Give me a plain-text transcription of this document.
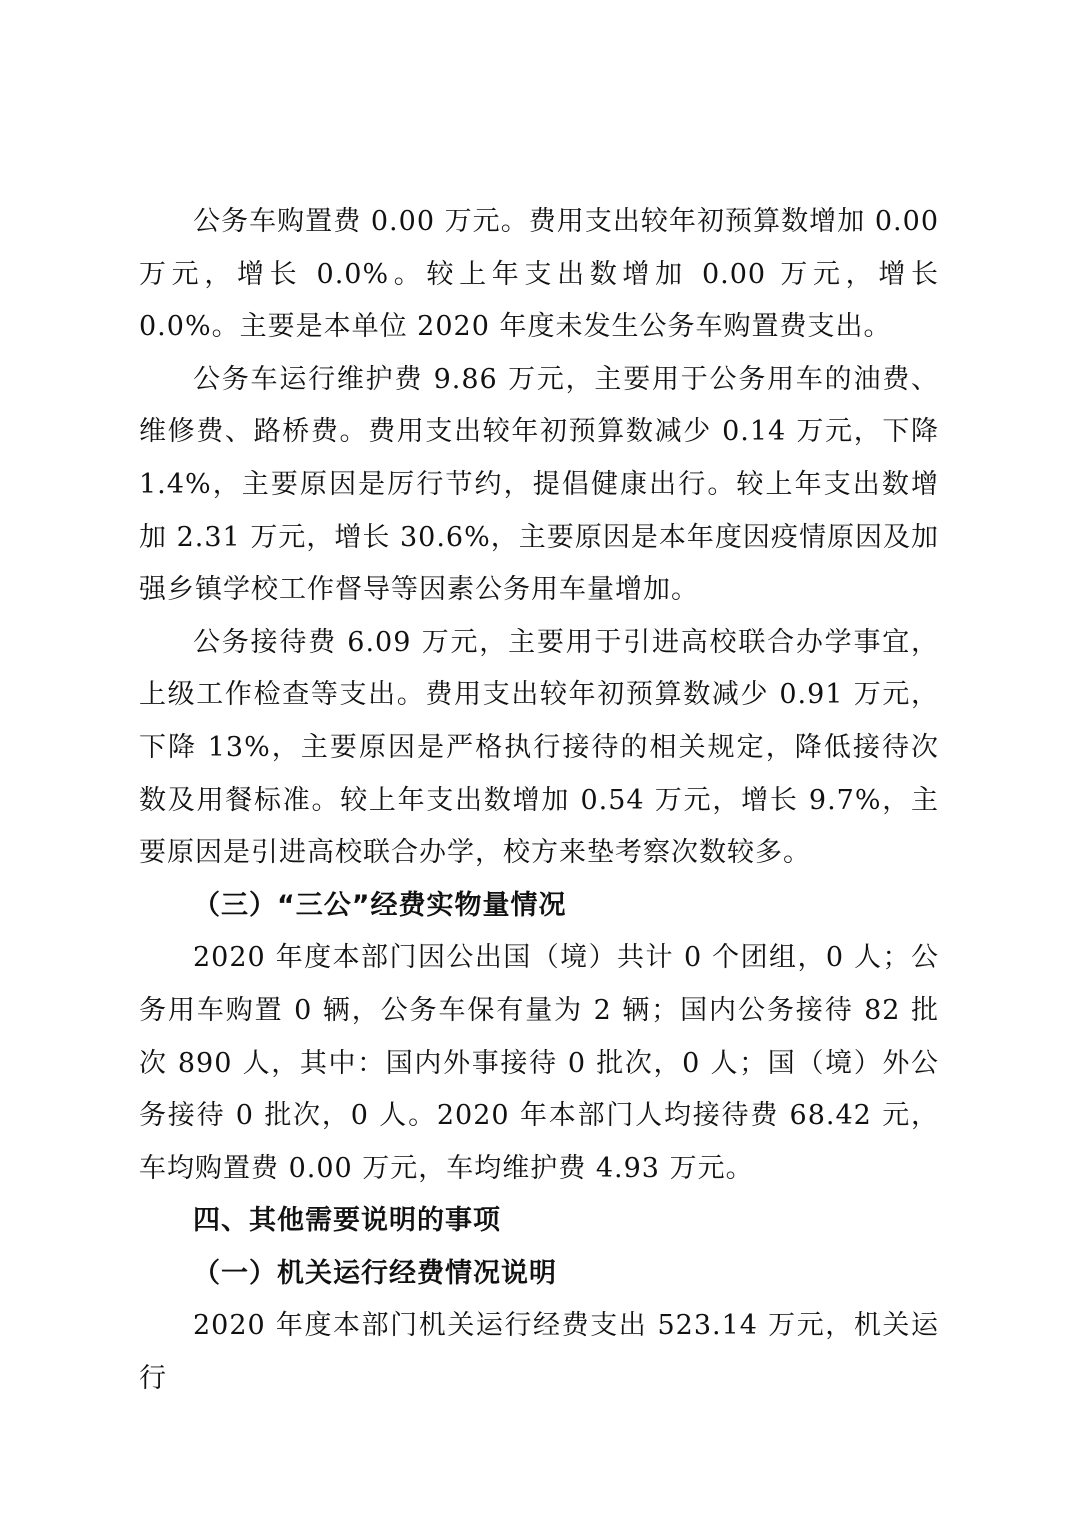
公务车购置费 0.00 万元。费用支出较年初预算数增加 0.00 万元，增长 0.0%。较上年支出数增加 0.00 万元，增长 0.0%。主要是本单位 2020 年度未发生公务车购置费支出。

公务车运行维护费 9.86 万元，主要用于公务用车的油费、维修费、路桥费。费用支出较年初预算数减少 0.14 万元，下降 1.4%，主要原因是厉行节约，提倡健康出行。较上年支出数增加 2.31 万元，增长 30.6%，主要原因是本年度因疫情原因及加强乡镇学校工作督导等因素公务用车量增加。

公务接待费 6.09 万元，主要用于引进高校联合办学事宜，上级工作检查等支出。费用支出较年初预算数减少 0.91 万元，下降 13%，主要原因是严格执行接待的相关规定，降低接待次数及用餐标准。较上年支出数增加 0.54 万元，增长 9.7%，主要原因是引进高校联合办学，校方来垫考察次数较多。

（三）“三公”经费实物量情况

2020 年度本部门因公出国（境）共计 0 个团组，0 人；公务用车购置 0 辆，公务车保有量为 2 辆；国内公务接待 82 批次 890 人，其中：国内外事接待 0 批次，0 人；国（境）外公务接待 0 批次，0 人。2020 年本部门人均接待费 68.42 元，车均购置费 0.00 万元，车均维护费 4.93 万元。

四、其他需要说明的事项

（一）机关运行经费情况说明

2020 年度本部门机关运行经费支出 523.14 万元，机关运行
